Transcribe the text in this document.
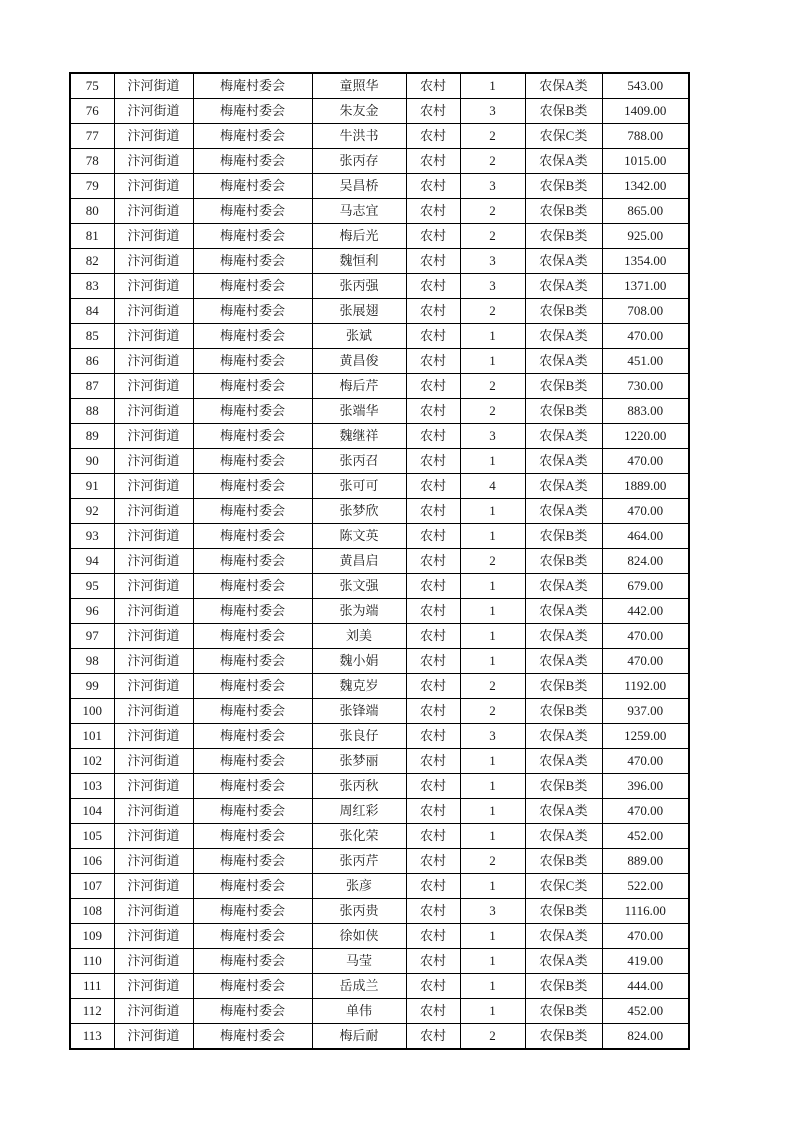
75	汴河街道	梅庵村委会	童照华	农村	1	农保A类	543.00
76	汴河街道	梅庵村委会	朱友金	农村	3	农保B类	1409.00
77	汴河街道	梅庵村委会	牛洪书	农村	2	农保C类	788.00
78	汴河街道	梅庵村委会	张丙存	农村	2	农保A类	1015.00
79	汴河街道	梅庵村委会	吴昌桥	农村	3	农保B类	1342.00
80	汴河街道	梅庵村委会	马志宜	农村	2	农保B类	865.00
81	汴河街道	梅庵村委会	梅后光	农村	2	农保B类	925.00
82	汴河街道	梅庵村委会	魏恒利	农村	3	农保A类	1354.00
83	汴河街道	梅庵村委会	张丙强	农村	3	农保A类	1371.00
84	汴河街道	梅庵村委会	张展翅	农村	2	农保B类	708.00
85	汴河街道	梅庵村委会	张斌	农村	1	农保A类	470.00
86	汴河街道	梅庵村委会	黄昌俊	农村	1	农保A类	451.00
87	汴河街道	梅庵村委会	梅后芹	农村	2	农保B类	730.00
88	汴河街道	梅庵村委会	张端华	农村	2	农保B类	883.00
89	汴河街道	梅庵村委会	魏继祥	农村	3	农保A类	1220.00
90	汴河街道	梅庵村委会	张丙召	农村	1	农保A类	470.00
91	汴河街道	梅庵村委会	张可可	农村	4	农保A类	1889.00
92	汴河街道	梅庵村委会	张梦欣	农村	1	农保A类	470.00
93	汴河街道	梅庵村委会	陈文英	农村	1	农保B类	464.00
94	汴河街道	梅庵村委会	黄昌启	农村	2	农保B类	824.00
95	汴河街道	梅庵村委会	张文强	农村	1	农保A类	679.00
96	汴河街道	梅庵村委会	张为端	农村	1	农保A类	442.00
97	汴河街道	梅庵村委会	刘美	农村	1	农保A类	470.00
98	汴河街道	梅庵村委会	魏小娟	农村	1	农保A类	470.00
99	汴河街道	梅庵村委会	魏克岁	农村	2	农保B类	1192.00
100	汴河街道	梅庵村委会	张锋端	农村	2	农保B类	937.00
101	汴河街道	梅庵村委会	张良仔	农村	3	农保A类	1259.00
102	汴河街道	梅庵村委会	张梦丽	农村	1	农保A类	470.00
103	汴河街道	梅庵村委会	张丙秋	农村	1	农保B类	396.00
104	汴河街道	梅庵村委会	周红彩	农村	1	农保A类	470.00
105	汴河街道	梅庵村委会	张化荣	农村	1	农保A类	452.00
106	汴河街道	梅庵村委会	张丙芹	农村	2	农保B类	889.00
107	汴河街道	梅庵村委会	张彦	农村	1	农保C类	522.00
108	汴河街道	梅庵村委会	张丙贵	农村	3	农保B类	1116.00
109	汴河街道	梅庵村委会	徐如侠	农村	1	农保A类	470.00
110	汴河街道	梅庵村委会	马莹	农村	1	农保A类	419.00
111	汴河街道	梅庵村委会	岳成兰	农村	1	农保B类	444.00
112	汴河街道	梅庵村委会	单伟	农村	1	农保B类	452.00
113	汴河街道	梅庵村委会	梅后耐	农村	2	农保B类	824.00
